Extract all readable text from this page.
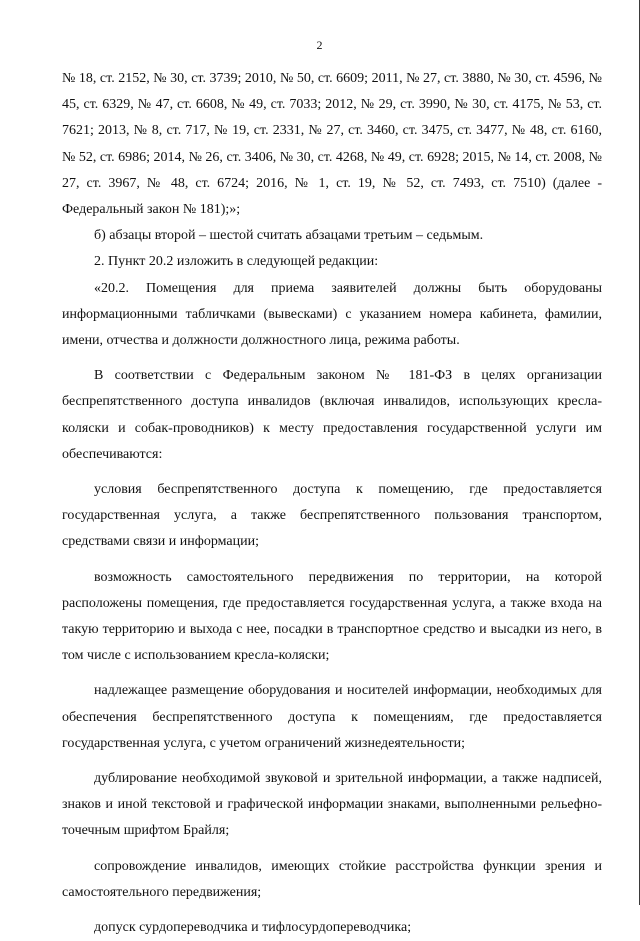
2

№ 18, ст. 2152, № 30, ст. 3739; 2010, № 50, ст. 6609; 2011, № 27, ст. 3880, № 30, ст. 4596, № 45, ст. 6329, № 47, ст. 6608, № 49, ст. 7033; 2012, № 29, ст. 3990, № 30, ст. 4175, № 53, ст. 7621; 2013, № 8, ст. 717, № 19, ст. 2331, № 27, ст. 3460, ст. 3475, ст. 3477, № 48, ст. 6160, № 52, ст. 6986; 2014, № 26, ст. 3406, № 30, ст. 4268, № 49, ст. 6928; 2015, № 14, ст. 2008, № 27, ст. 3967, № 48, ст. 6724; 2016, № 1, ст. 19, № 52, ст. 7493, ст. 7510) (далее - Федеральный закон № 181);»;

б) абзацы второй – шестой считать абзацами третьим – седьмым.

2. Пункт 20.2 изложить в следующей редакции:

«20.2. Помещения для приема заявителей должны быть оборудованы информационными табличками (вывесками) с указанием номера кабинета, фамилии, имени, отчества и должности должностного лица, режима работы.

В соответствии с Федеральным законом № 181-ФЗ в целях организации беспрепятственного доступа инвалидов (включая инвалидов, использующих кресла-коляски и собак-проводников) к месту предоставления государственной услуги им обеспечиваются:

условия беспрепятственного доступа к помещению, где предоставляется государственная услуга, а также беспрепятственного пользования транспортом, средствами связи и информации;

возможность самостоятельного передвижения по территории, на которой расположены помещения, где предоставляется государственная услуга, а также входа на такую территорию и выхода с нее, посадки в транспортное средство и высадки из него, в том числе с использованием кресла-коляски;

надлежащее размещение оборудования и носителей информации, необходимых для обеспечения беспрепятственного доступа к помещениям, где предоставляется государственная услуга, с учетом ограничений жизнедеятельности;

дублирование необходимой звуковой и зрительной информации, а также надписей, знаков и иной текстовой и графической информации знаками, выполненными рельефно-точечным шрифтом Брайля;

сопровождение инвалидов, имеющих стойкие расстройства функции зрения и самостоятельного передвижения;

допуск сурдопереводчика и тифлосурдопереводчика;
